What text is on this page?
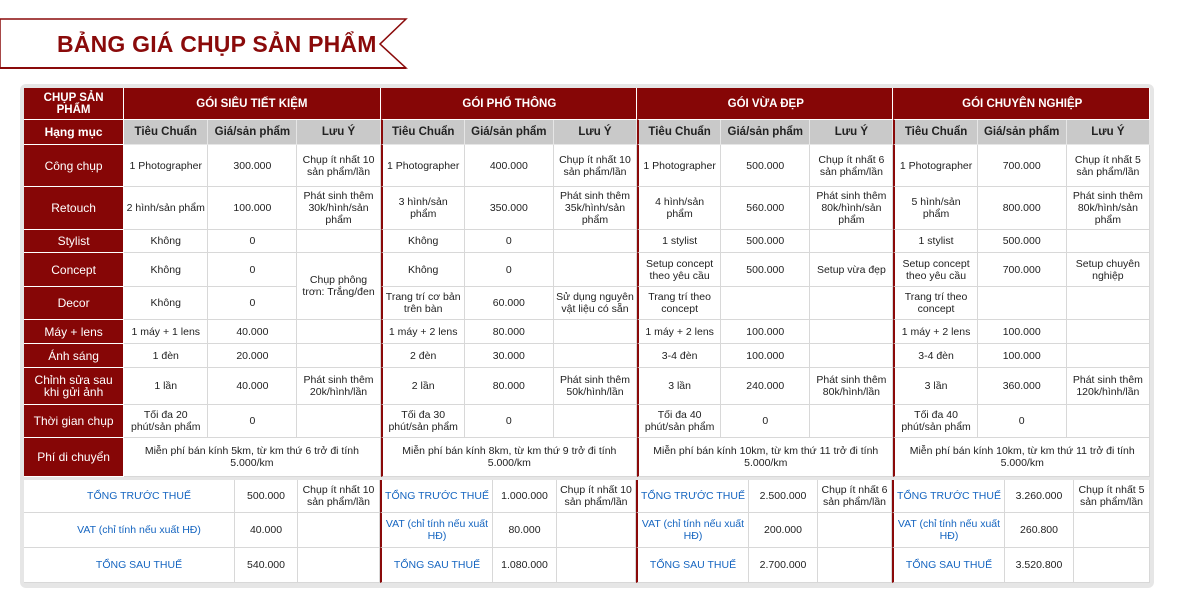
BẢNG GIÁ CHỤP SẢN PHẨM
CHỤP SẢN PHẨM	GÓI SIÊU TIẾT KIỆM			GÓI PHỔ THÔNG			GÓI VỪA ĐẸP			GÓI CHUYÊN NGHIỆP		
Hạng mục	Tiêu Chuẩn	Giá/sản phẩm	Lưu Ý	Tiêu Chuẩn	Giá/sản phẩm	Lưu Ý	Tiêu Chuẩn	Giá/sản phẩm	Lưu Ý	Tiêu Chuẩn	Giá/sản phẩm	Lưu Ý
Công chụp	1 Photographer	300.000	Chụp ít nhất 10 sản phẩm/lần	1 Photographer	400.000	Chụp ít nhất 10 sản phẩm/lần	1 Photographer	500.000	Chụp ít nhất 6 sản phẩm/lần	1 Photographer	700.000	Chụp ít nhất 5 sản phẩm/lần
Retouch	2 hình/sản phẩm	100.000	Phát sinh thêm 30k/hình/sản phẩm	3 hình/sản phẩm	350.000	Phát sinh thêm 35k/hình/sản phẩm	4 hình/sản phẩm	560.000	Phát sinh thêm 80k/hình/sản phẩm	5 hình/sản phẩm	800.000	Phát sinh thêm 80k/hình/sản phẩm
Stylist	Không	0		Không	0		1 stylist	500.000		1 stylist	500.000	
Concept	Không	0	Chụp phông trơn: Trắng/đen	Không	0		Setup concept theo yêu cầu	500.000	Setup vừa đẹp	Setup concept theo yêu cầu	700.000	Setup chuyên nghiệp
Decor	Không	0		Trang trí cơ bản trên bàn	60.000	Sử dụng nguyên vật liệu có sẵn	Trang trí theo concept			Trang trí theo concept		
Máy + lens	1 máy + 1 lens	40.000		1 máy + 2 lens	80.000		1 máy + 2 lens	100.000		1 máy + 2 lens	100.000	
Ánh sáng	1 đèn	20.000		2 đèn	30.000		3-4 đèn	100.000		3-4 đèn	100.000	
Chỉnh sửa sau khi gửi ảnh	1 lần	40.000	Phát sinh thêm 20k/hình/lần	2 lần	80.000	Phát sinh thêm 50k/hình/lần	3 lần	240.000	Phát sinh thêm 80k/hình/lần	3 lần	360.000	Phát sinh thêm 120k/hình/lần
Thời gian chụp	Tối đa 20 phút/sản phẩm	0		Tối đa 30 phút/sản phẩm	0		Tối đa 40 phút/sản phẩm	0		Tối đa 40 phút/sản phẩm	0	
Phí di chuyển	Miễn phí bán kính 5km, từ km thứ 6 trở đi tính 5.000/km			Miễn phí bán kính 8km, từ km thứ 9 trở đi tính 5.000/km			Miễn phí bán kính 10km, từ km thứ 11 trở đi tính 5.000/km			Miễn phí bán kính 10km, từ km thứ 11 trở đi tính 5.000/km		
	TỔNG TRƯỚC THUẾ	500.000	Chụp ít nhất 10 sản phẩm/lần	TỔNG TRƯỚC THUẾ	1.000.000	Chụp ít nhất 10 sản phẩm/lần	TỔNG TRƯỚC THUẾ	2.500.000	Chụp ít nhất 6 sản phẩm/lần	TỔNG TRƯỚC THUẾ	3.260.000	Chụp ít nhất 5 sản phẩm/lần
	VAT (chỉ tính nếu xuất HĐ)	40.000		VAT (chỉ tính nếu xuất HĐ)	80.000		VAT (chỉ tính nếu xuất HĐ)	200.000		VAT (chỉ tính nếu xuất HĐ)	260.800	
	TỔNG SAU THUẾ	540.000		TỔNG SAU THUẾ	1.080.000		TỔNG SAU THUẾ	2.700.000		TỔNG SAU THUẾ	3.520.800	
